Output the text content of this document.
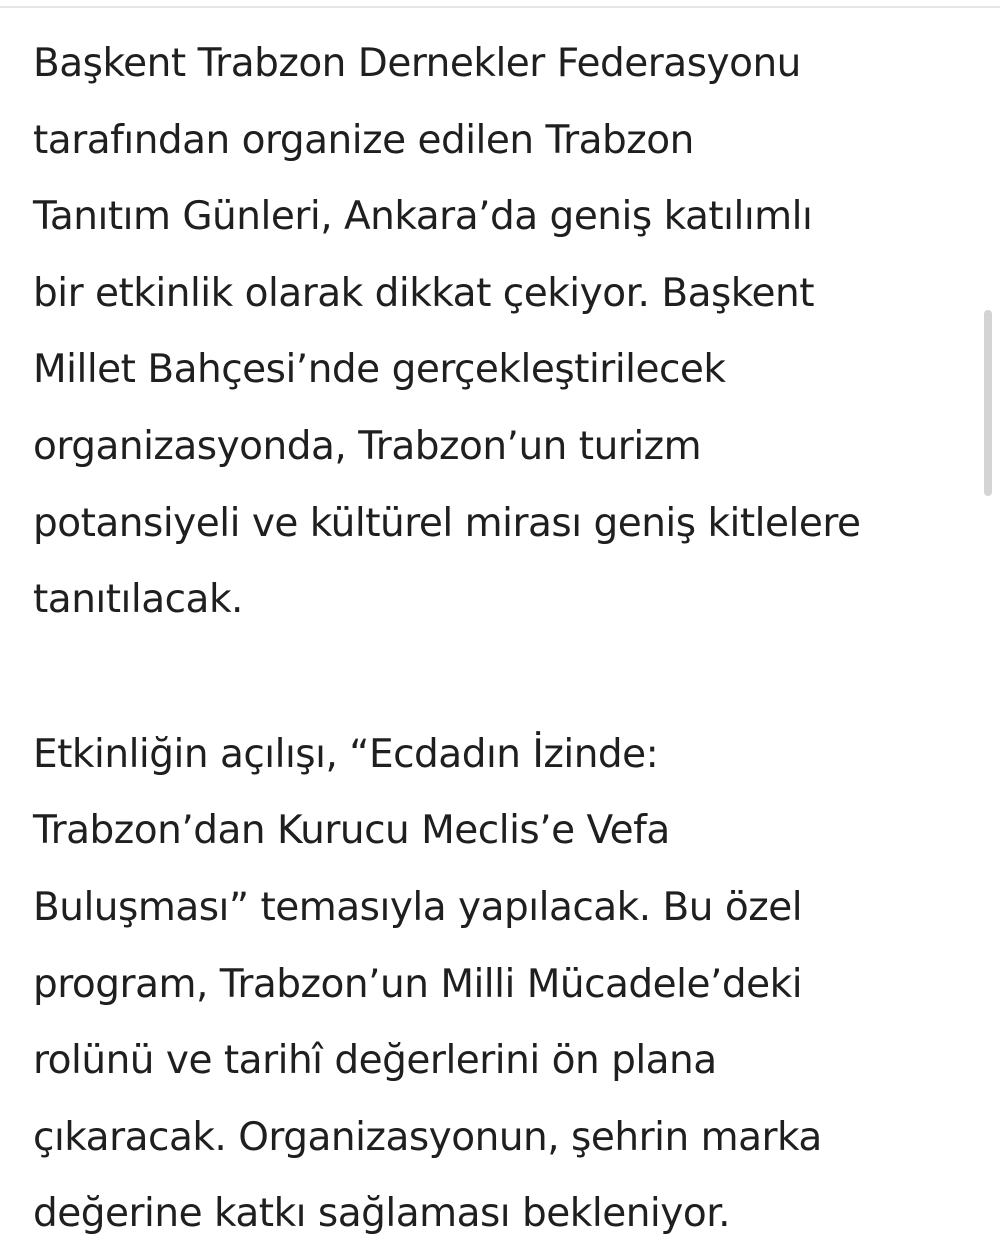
Başkent Trabzon Dernekler Federasyonu
tarafından organize edilen Trabzon
Tanıtım Günleri, Ankara’da geniş katılımlı
bir etkinlik olarak dikkat çekiyor. Başkent
Millet Bahçesi’nde gerçekleştirilecek
organizasyonda, Trabzon’un turizm
potansiyeli ve kültürel mirası geniş kitlelere
tanıtılacak.

Etkinliğin açılışı, “Ecdadın İzinde:
Trabzon’dan Kurucu Meclis’e Vefa
Buluşması” temasıyla yapılacak. Bu özel
program, Trabzon’un Milli Mücadele’deki
rolünü ve tarihî değerlerini ön plana
çıkaracak. Organizasyonun, şehrin marka
değerine katkı sağlaması bekleniyor.
